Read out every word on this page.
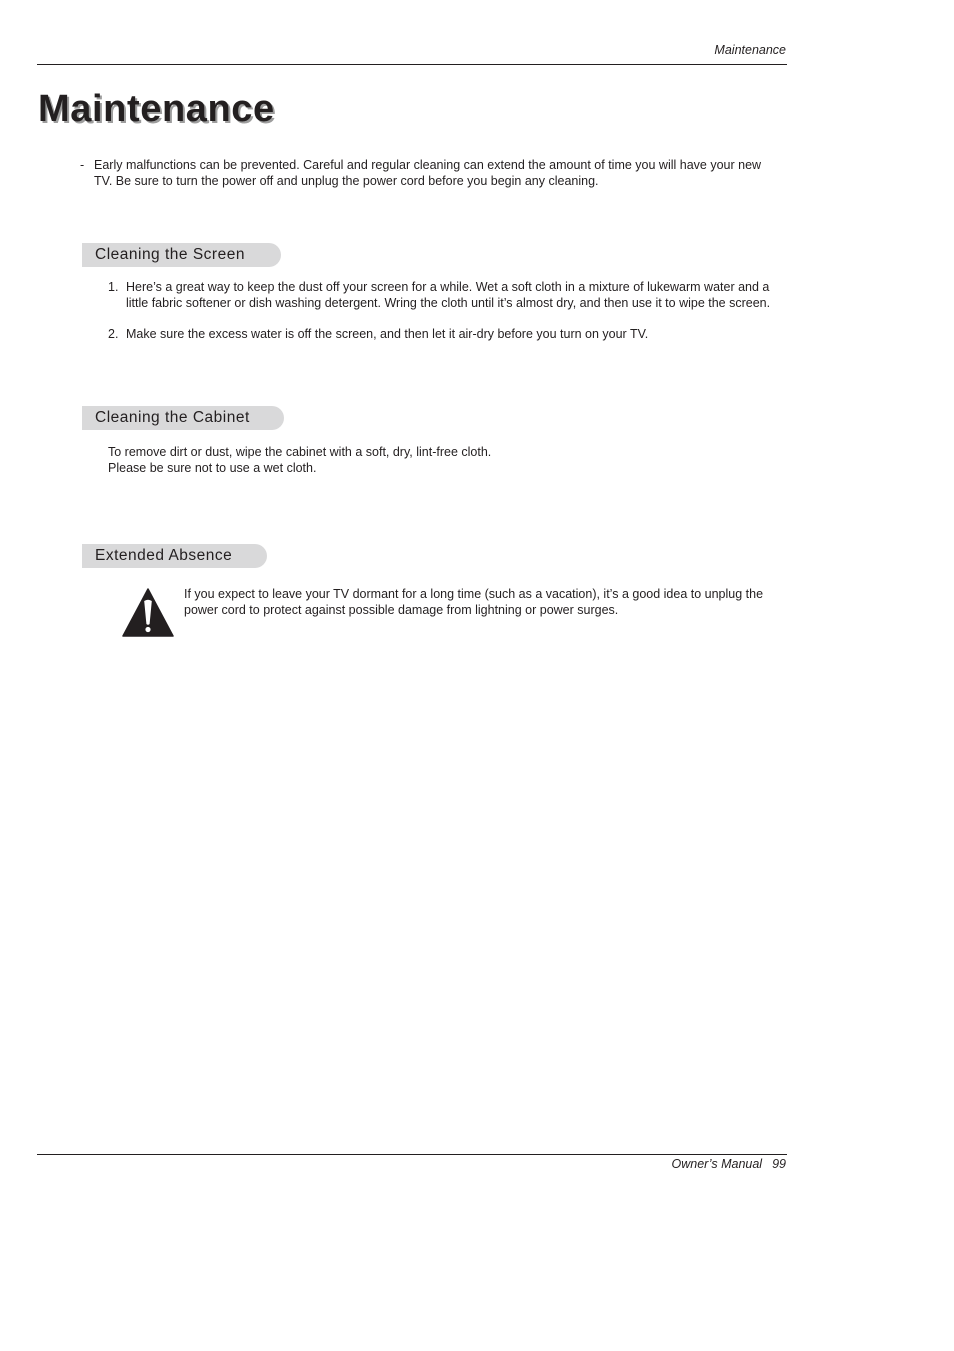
Maintenance
Maintenance
- Early malfunctions can be prevented. Careful and regular cleaning can extend the amount of time you will have your new TV. Be sure to turn the power off and unplug the power cord before you begin any cleaning.
Cleaning the Screen
1. Here’s a great way to keep the dust off your screen for a while. Wet a soft cloth in a mixture of lukewarm water and a little fabric softener or dish washing detergent. Wring the cloth until it’s almost dry, and then use it to wipe the screen.
2. Make sure the excess water is off the screen, and then let it air-dry before you turn on your TV.
Cleaning the Cabinet
To remove dirt or dust, wipe the cabinet with a soft, dry, lint-free cloth.
Please be sure not to use a wet cloth.
Extended Absence
If you expect to leave your TV dormant for a long time (such as a vacation), it’s a good idea to unplug the power cord to protect against possible damage from lightning or power surges.
Owner’s Manual 99
